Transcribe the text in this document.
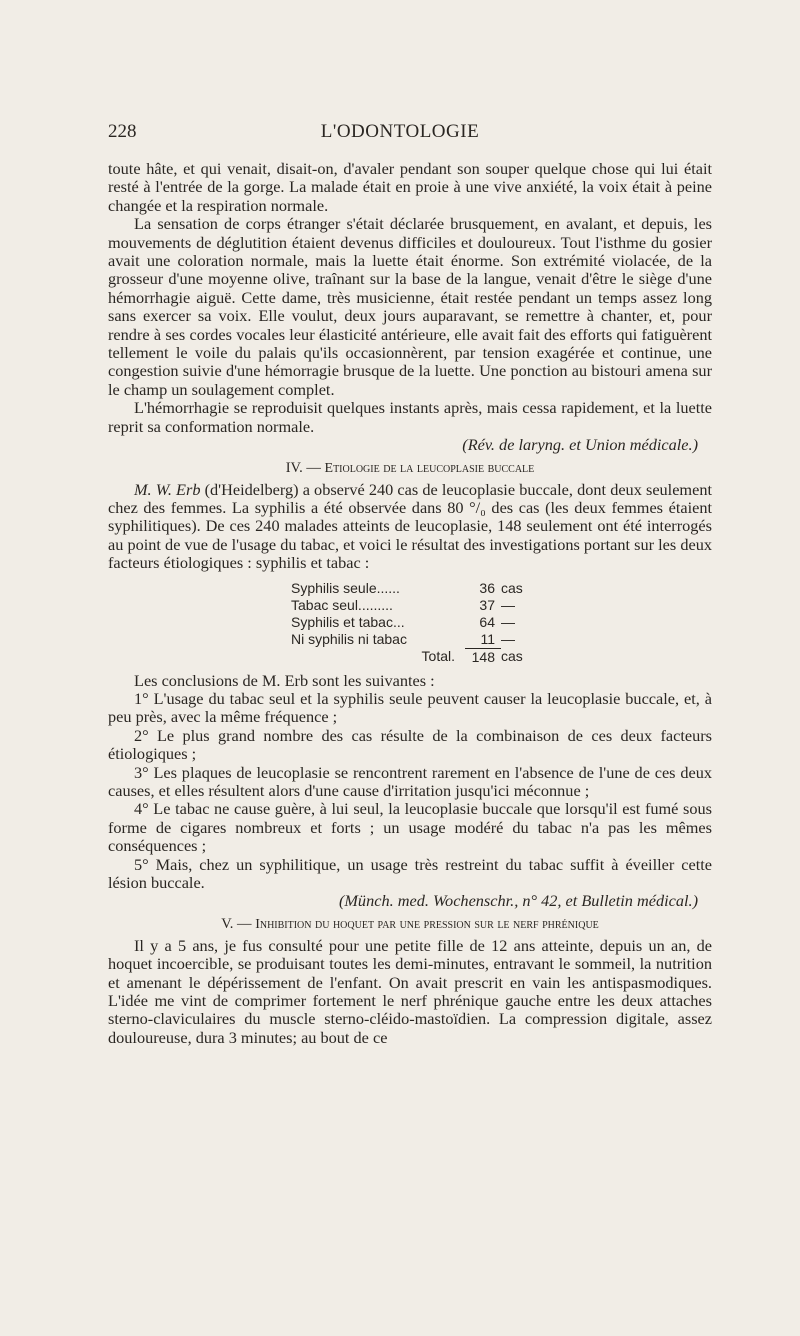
228	L'ODONTOLOGIE

toute hâte, et qui venait, disait-on, d'avaler pendant son souper quelque chose qui lui était resté à l'entrée de la gorge. La malade était en proie à une vive anxiété, la voix était à peine changée et la respiration normale.

La sensation de corps étranger s'était déclarée brusquement, en avalant, et depuis, les mouvements de déglutition étaient devenus difficiles et douloureux. Tout l'isthme du gosier avait une coloration normale, mais la luette était énorme. Son extrémité violacée, de la grosseur d'une moyenne olive, traînant sur la base de la langue, venait d'être le siège d'une hémorrhagie aiguë. Cette dame, très musicienne, était restée pendant un temps assez long sans exercer sa voix. Elle voulut, deux jours auparavant, se remettre à chanter, et, pour rendre à ses cordes vocales leur élasticité antérieure, elle avait fait des efforts qui fatiguèrent tellement le voile du palais qu'ils occasionnèrent, par tension exagérée et continue, une congestion suivie d'une hémorragie brusque de la luette. Une ponction au bistouri amena sur le champ un soulagement complet.

L'hémorrhagie se reproduisit quelques instants après, mais cessa rapidement, et la luette reprit sa conformation normale.

(Rév. de laryng. et Union médicale.)

IV. — Etiologie de la leucoplasie buccale

M. W. Erb (d'Heidelberg) a observé 240 cas de leucoplasie buccale, dont deux seulement chez des femmes. La syphilis a été observée dans 80 °/₀ des cas (les deux femmes étaient syphilitiques). De ces 240 malades atteints de leucoplasie, 148 seulement ont été interrogés au point de vue de l'usage du tabac, et voici le résultat des investigations portant sur les deux facteurs étiologiques : syphilis et tabac :

Syphilis seule......	36	cas
Tabac seul.........	37	—
Syphilis et tabac...	64	—
Ni syphilis ni tabac	11	—
Total.	148	cas

Les conclusions de M. Erb sont les suivantes :

1° L'usage du tabac seul et la syphilis seule peuvent causer la leucoplasie buccale, et, à peu près, avec la même fréquence ;

2° Le plus grand nombre des cas résulte de la combinaison de ces deux facteurs étiologiques ;

3° Les plaques de leucoplasie se rencontrent rarement en l'absence de l'une de ces deux causes, et elles résultent alors d'une cause d'irritation jusqu'ici méconnue ;

4° Le tabac ne cause guère, à lui seul, la leucoplasie buccale que lorsqu'il est fumé sous forme de cigares nombreux et forts ; un usage modéré du tabac n'a pas les mêmes conséquences ;

5° Mais, chez un syphilitique, un usage très restreint du tabac suffit à éveiller cette lésion buccale.

(Münch. med. Wochenschr., n° 42, et Bulletin médical.)

V. — Inhibition du hoquet par une pression sur le nerf phrénique

Il y a 5 ans, je fus consulté pour une petite fille de 12 ans atteinte, depuis un an, de hoquet incoercible, se produisant toutes les demi-minutes, entravant le sommeil, la nutrition et amenant le dépérissement de l'enfant. On avait prescrit en vain les antispasmodiques. L'idée me vint de comprimer fortement le nerf phrénique gauche entre les deux attaches sterno-claviculaires du muscle sterno-cléido-mastoïdien. La compression digitale, assez douloureuse, dura 3 minutes; au bout de ce
